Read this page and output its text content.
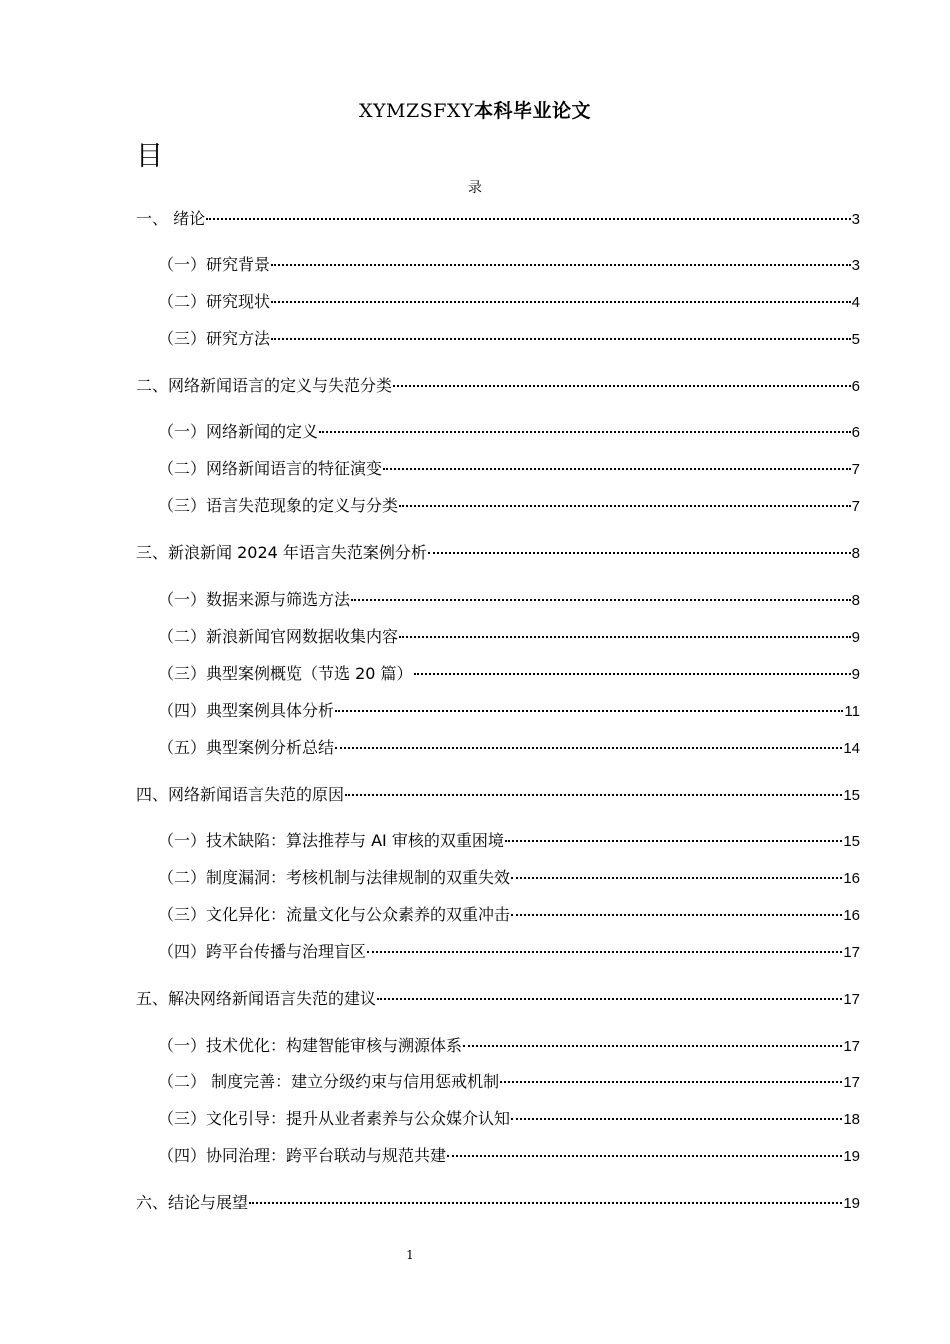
XYMZSFXY本科毕业论文
目
录
一、 绪论	3
（一）研究背景	3
（二）研究现状	4
（三）研究方法	5
二、网络新闻语言的定义与失范分类	6
（一）网络新闻的定义	6
（二）网络新闻语言的特征演变	7
（三）语言失范现象的定义与分类	7
三、新浪新闻 2024 年语言失范案例分析	8
（一）数据来源与筛选方法	8
（二）新浪新闻官网数据收集内容	9
（三）典型案例概览（节选 20 篇）	9
（四）典型案例具体分析	11
（五）典型案例分析总结	14
四、网络新闻语言失范的原因	15
（一）技术缺陷：算法推荐与 AI 审核的双重困境	15
（二）制度漏洞：考核机制与法律规制的双重失效	16
（三）文化异化：流量文化与公众素养的双重冲击	16
（四）跨平台传播与治理盲区	17
五、解决网络新闻语言失范的建议	17
（一）技术优化：构建智能审核与溯源体系	17
（二） 制度完善：建立分级约束与信用惩戒机制	17
（三）文化引导：提升从业者素养与公众媒介认知	18
（四）协同治理：跨平台联动与规范共建	19
六、结论与展望	19
1
